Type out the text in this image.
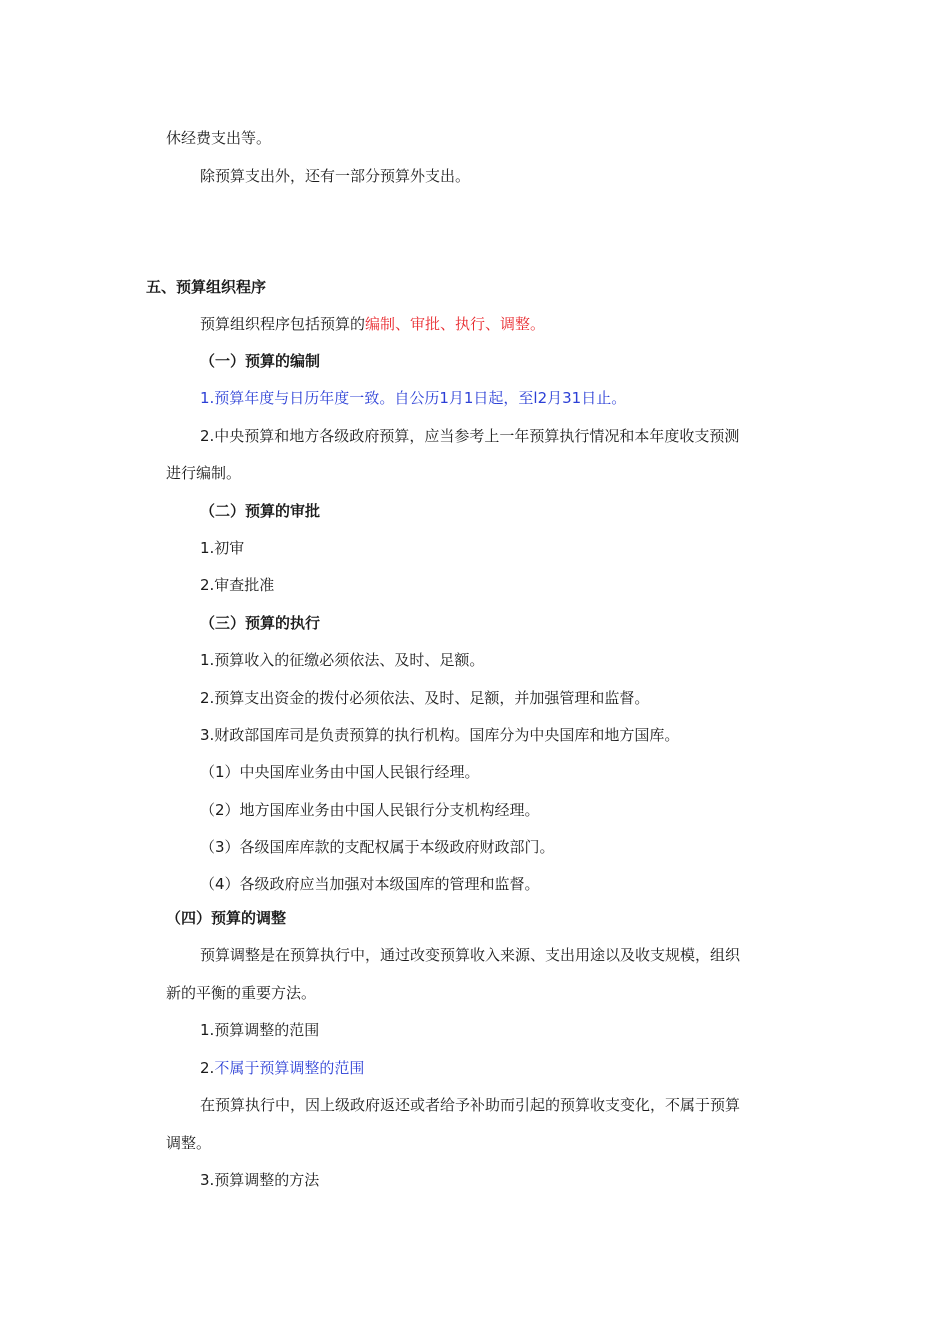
休经费支出等。
除预算支出外，还有一部分预算外支出。
五、预算组织程序
预算组织程序包括预算的编制、审批、执行、调整。
（一）预算的编制
1.预算年度与日历年度一致。自公历1月1日起，至l2月31日止。
2.中央预算和地方各级政府预算，应当参考上一年预算执行情况和本年度收支预测
进行编制。
（二）预算的审批
1.初审
2.审查批准
（三）预算的执行
1.预算收入的征缴必须依法、及时、足额。
2.预算支出资金的拨付必须依法、及时、足额，并加强管理和监督。
3.财政部国库司是负责预算的执行机构。国库分为中央国库和地方国库。
（1）中央国库业务由中国人民银行经理。
（2）地方国库业务由中国人民银行分支机构经理。
（3）各级国库库款的支配权属于本级政府财政部门。
（4）各级政府应当加强对本级国库的管理和监督。
（四）预算的调整
预算调整是在预算执行中，通过改变预算收入来源、支出用途以及收支规模，组织
新的平衡的重要方法。
1.预算调整的范围
2.不属于预算调整的范围
在预算执行中，因上级政府返还或者给予补助而引起的预算收支变化，不属于预算
调整。
3.预算调整的方法
